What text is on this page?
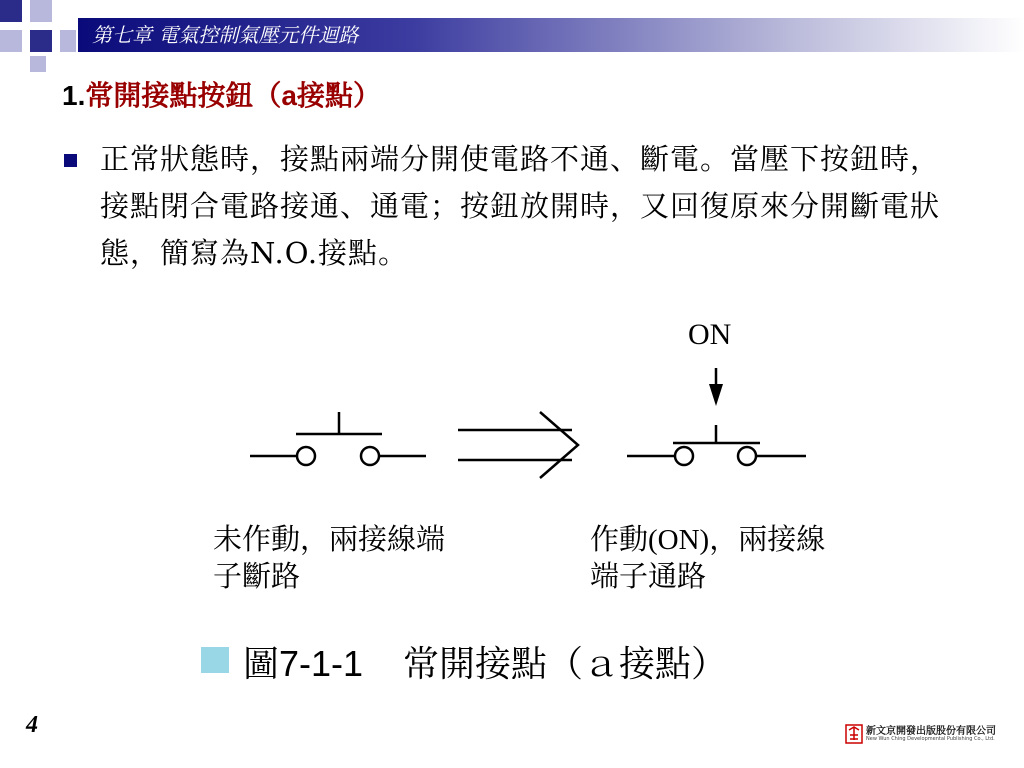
第七章 電氣控制氣壓元件迴路
1.常開接點按鈕（a接點）
正常狀態時，接點兩端分開使電路不通、斷電。當壓下按鈕時，接點閉合電路接通、通電；按鈕放開時，又回復原來分開斷電狀態，簡寫為N.O.接點。
ON
未作動，兩接線端子斷路
作動(ON)，兩接線端子通路
圖7-1-1    常開接點（ａ接點）
4	新文京開發出版股份有限公司
New Wun Ching Developmental Publishing Co., Ltd.
